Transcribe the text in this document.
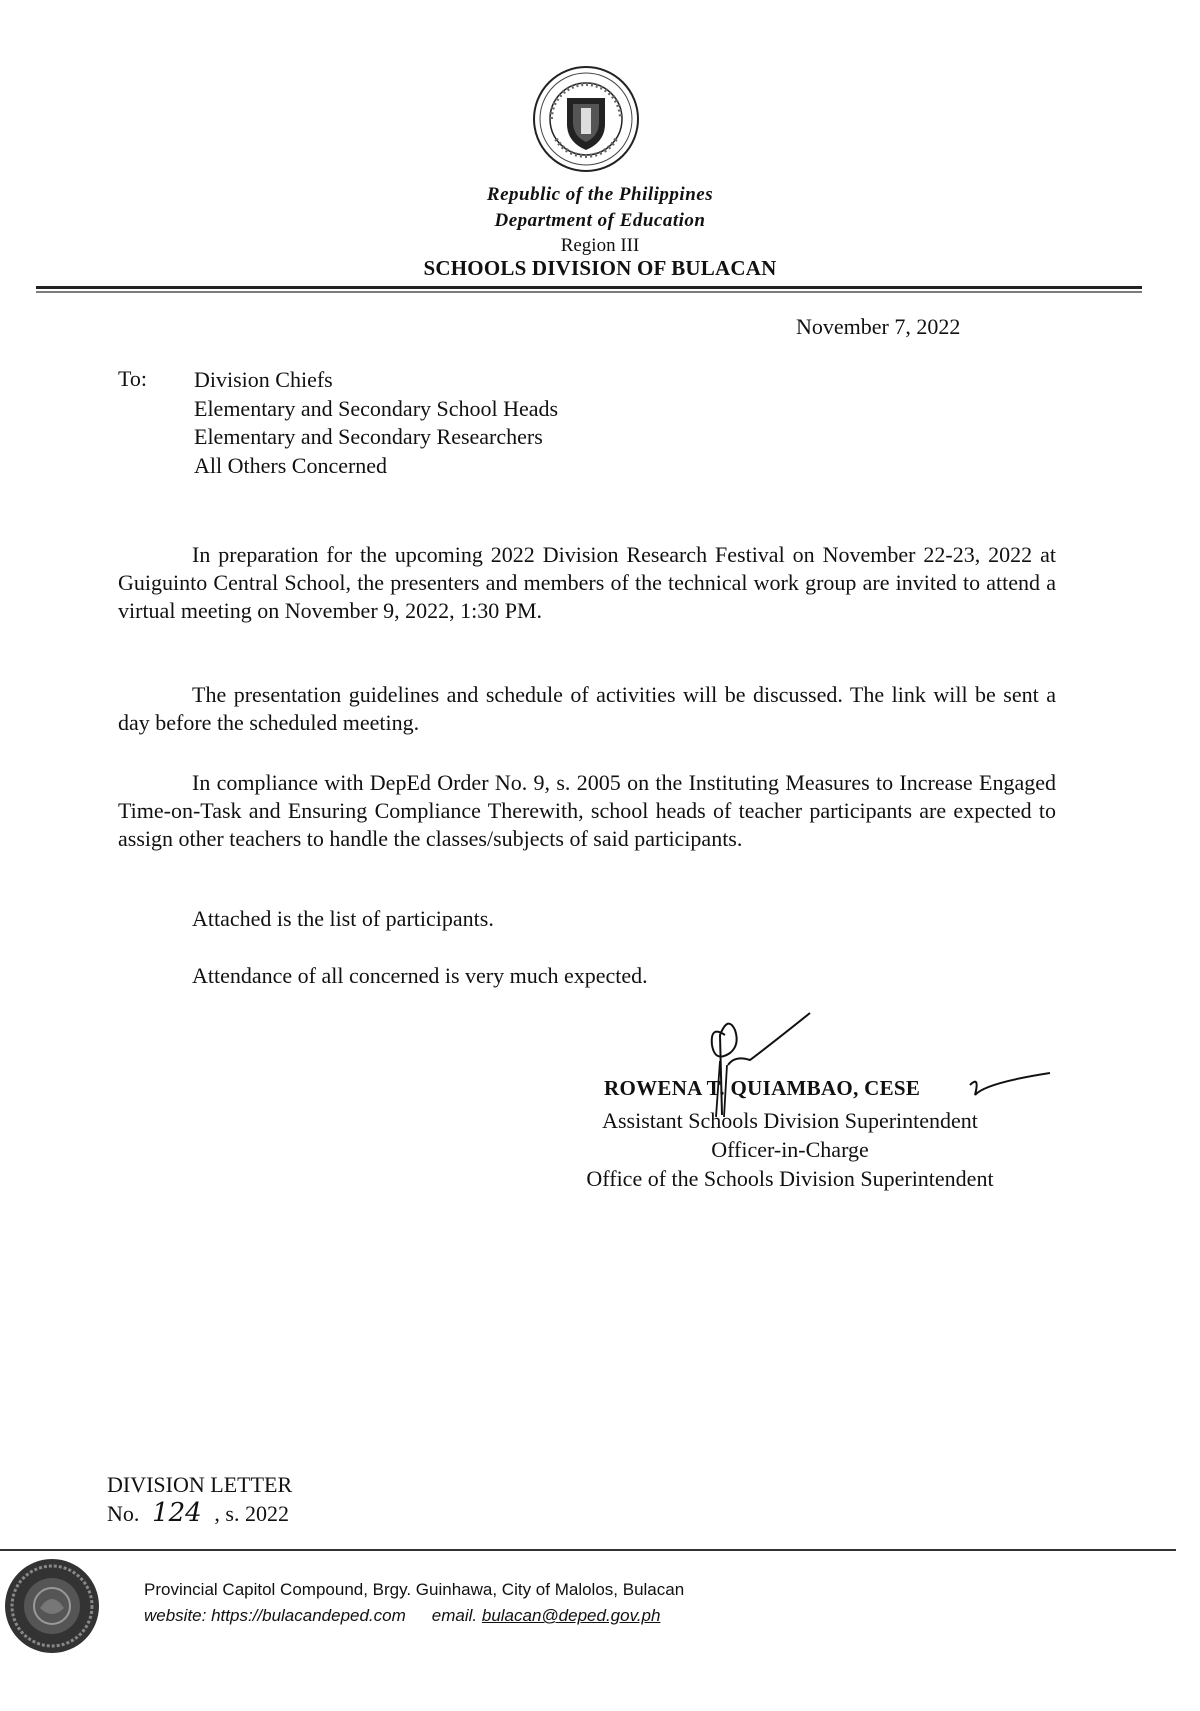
Republic of the Philippines
Department of Education
Region III
SCHOOLS DIVISION OF BULACAN
November 7, 2022
To: Division Chiefs
Elementary and Secondary School Heads
Elementary and Secondary Researchers
All Others Concerned
In preparation for the upcoming 2022 Division Research Festival on November 22-23, 2022 at Guiguinto Central School, the presenters and members of the technical work group are invited to attend a virtual meeting on November 9, 2022, 1:30 PM.
The presentation guidelines and schedule of activities will be discussed. The link will be sent a day before the scheduled meeting.
In compliance with DepEd Order No. 9, s. 2005 on the Instituting Measures to Increase Engaged Time-on-Task and Ensuring Compliance Therewith, school heads of teacher participants are expected to assign other teachers to handle the classes/subjects of said participants.
Attached is the list of participants.
Attendance of all concerned is very much expected.
ROWENA T. QUIAMBAO, CESE
Assistant Schools Division Superintendent
Officer-in-Charge
Office of the Schools Division Superintendent
DIVISION LETTER
No. 124 , s. 2022
Provincial Capitol Compound, Brgy. Guinhawa, City of Malolos, Bulacan
website: https://bulacandeped.com email. bulacan@deped.gov.ph
